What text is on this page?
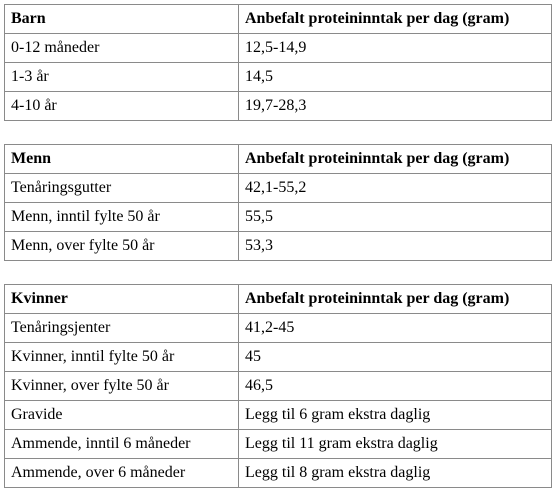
Barn	Anbefalt proteininntak per dag (gram)
0-12 måneder	12,5-14,9
1-3 år	14,5
4-10 år	19,7-28,3
Menn	Anbefalt proteininntak per dag (gram)
Tenåringsgutter	42,1-55,2
Menn, inntil fylte 50 år	55,5
Menn, over fylte 50 år	53,3
Kvinner	Anbefalt proteininntak per dag (gram)
Tenåringsjenter	41,2-45
Kvinner, inntil fylte 50 år	45
Kvinner, over fylte 50 år	46,5
Gravide	Legg til 6 gram ekstra daglig
Ammende, inntil 6 måneder	Legg til 11 gram ekstra daglig
Ammende, over 6 måneder	Legg til 8 gram ekstra daglig
